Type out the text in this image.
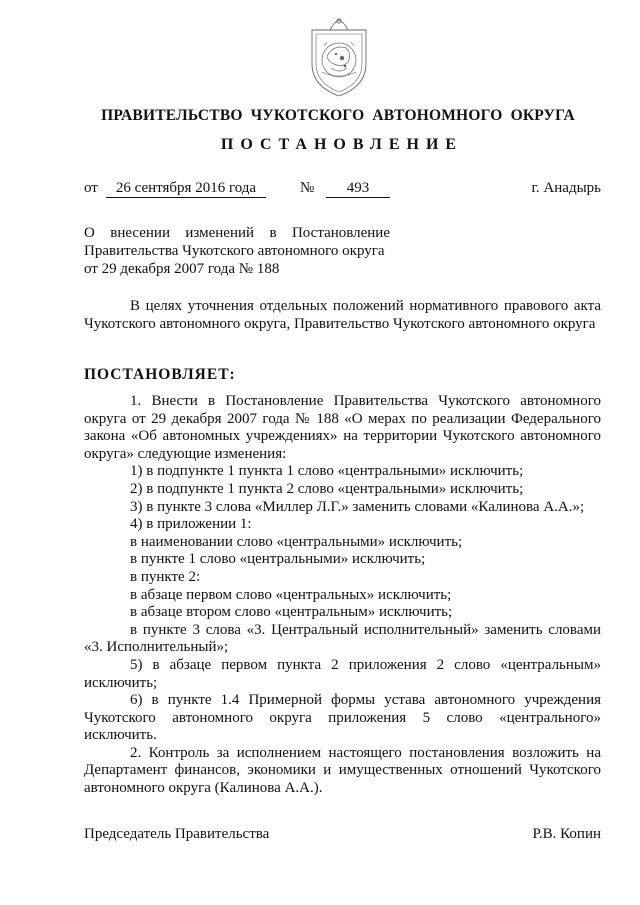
ПРАВИТЕЛЬСТВО ЧУКОТСКОГО АВТОНОМНОГО ОКРУГА
ПОСТАНОВЛЕНИЕ
от	26 сентября 2016 года	№	493	г. Анадырь
О внесении изменений в Постановление
Правительства Чукотского автономного округа
от 29 декабря 2007 года № 188

В целях уточнения отдельных положений нормативного правового акта Чукотского автономного округа, Правительство Чукотского автономного округа

ПОСТАНОВЛЯЕТ:

1. Внести в Постановление Правительства Чукотского автономного округа от 29 декабря 2007 года № 188 «О мерах по реализации Федерального закона «Об автономных учреждениях» на территории Чукотского автономного округа» следующие изменения:

1) в подпункте 1 пункта 1 слово «центральными» исключить;

2) в подпункте 1 пункта 2 слово «центральными» исключить;

3) в пункте 3 слова «Миллер Л.Г.» заменить словами «Калинова А.А.»;

4) в приложении 1:

в наименовании слово «центральными» исключить;

в пункте 1 слово «центральными» исключить;

в пункте 2:

в абзаце первом слово «центральных» исключить;

в абзаце втором слово «центральным» исключить;

в пункте 3 слова «3. Центральный исполнительный» заменить словами «3. Исполнительный»;

5) в абзаце первом пункта 2 приложения 2 слово «центральным» исключить;

6) в пункте 1.4 Примерной формы устава автономного учреждения Чукотского автономного округа приложения 5 слово «центрального» исключить.

2. Контроль за исполнением настоящего постановления возложить на Департамент финансов, экономики и имущественных отношений Чукотского автономного округа (Калинова А.А.).

Председатель Правительства	Р.В. Копин
